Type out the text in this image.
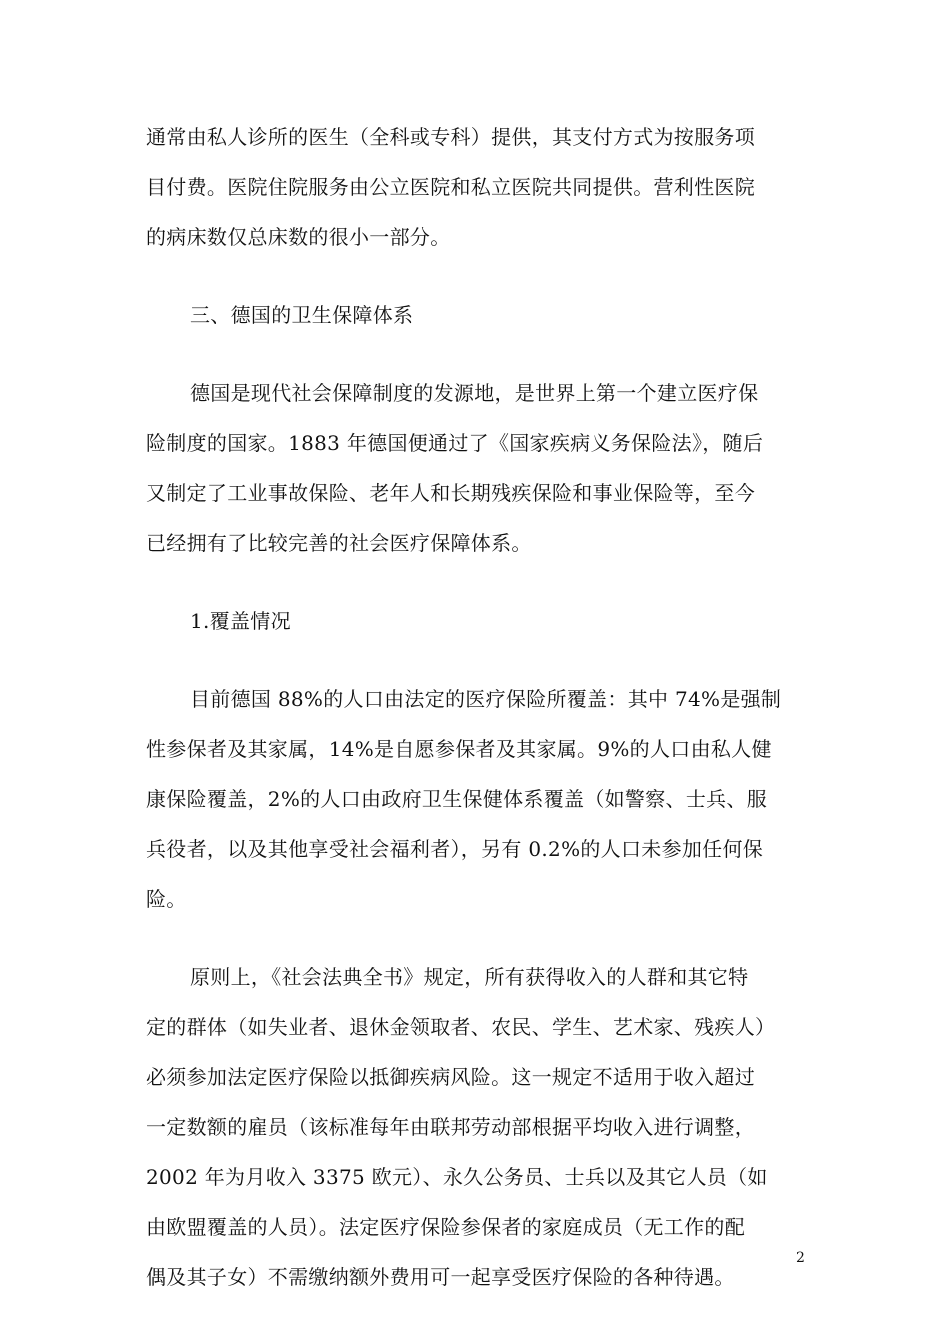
通常由私人诊所的医生（全科或专科）提供，其支付方式为按服务项
目付费。医院住院服务由公立医院和私立医院共同提供。营利性医院
的病床数仅总床数的很小一部分。
三、德国的卫生保障体系
德国是现代社会保障制度的发源地，是世界上第一个建立医疗保
险制度的国家。1883 年德国便通过了《国家疾病义务保险法》，随后
又制定了工业事故保险、老年人和长期残疾保险和事业保险等，至今
已经拥有了比较完善的社会医疗保障体系。
1.覆盖情况
目前德国 88%的人口由法定的医疗保险所覆盖：其中 74%是强制
性参保者及其家属，14%是自愿参保者及其家属。9%的人口由私人健
康保险覆盖，2%的人口由政府卫生保健体系覆盖（如警察、士兵、服
兵役者，以及其他享受社会福利者），另有 0.2%的人口未参加任何保
险。
原则上，《社会法典全书》规定，所有获得收入的人群和其它特
定的群体（如失业者、退休金领取者、农民、学生、艺术家、残疾人）
必须参加法定医疗保险以抵御疾病风险。这一规定不适用于收入超过
一定数额的雇员（该标准每年由联邦劳动部根据平均收入进行调整，
2002 年为月收入 3375 欧元）、永久公务员、士兵以及其它人员（如
由欧盟覆盖的人员）。法定医疗保险参保者的家庭成员（无工作的配
偶及其子女）不需缴纳额外费用可一起享受医疗保险的各种待遇。
2
